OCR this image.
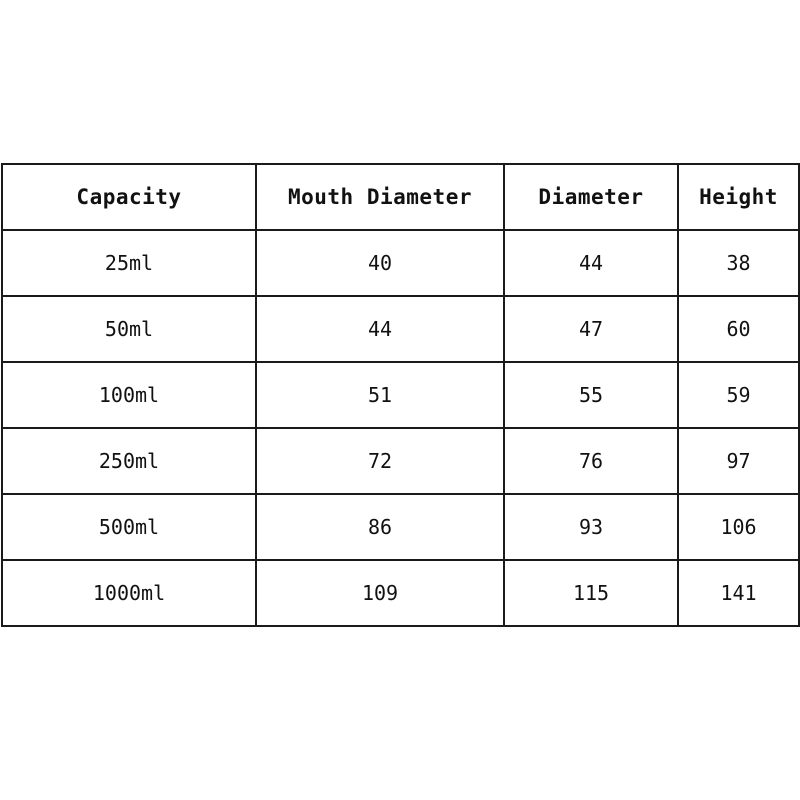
Capacity	Mouth Diameter	Diameter	Height
25ml	40	44	38
50ml	44	47	60
100ml	51	55	59
250ml	72	76	97
500ml	86	93	106
1000ml	109	115	141
